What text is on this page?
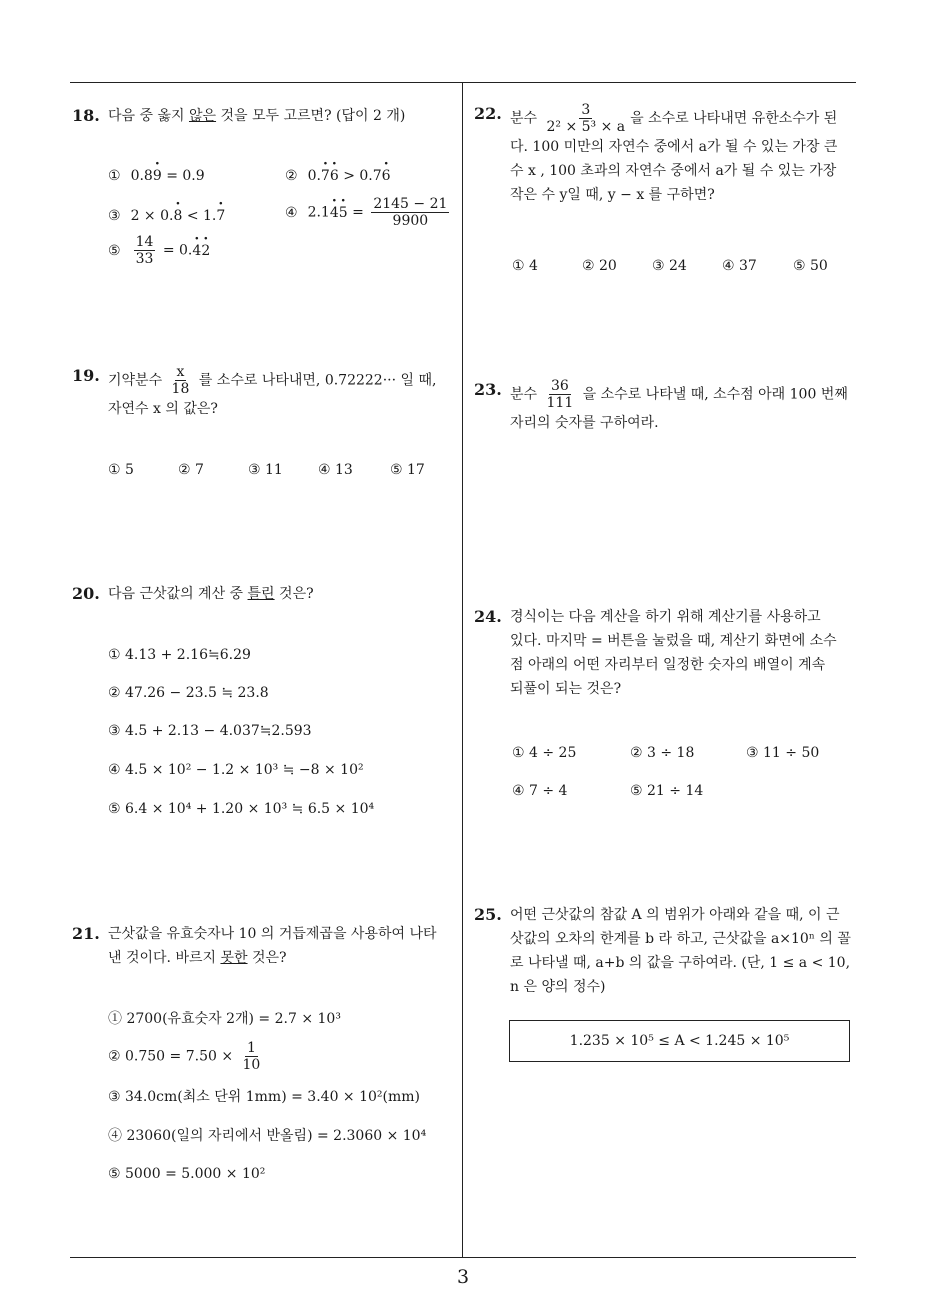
18. 다음 중 옳지 않은 것을 모두 고르면? (답이 2 개)
① 0.8· 9 = 0.9	② 0.· 7· 6 > 0.7· 6
③ 2 × 0.· 8 < 1.· 7	④ $2.1\cdot 4\cdot 5 = \frac{2145 - 21}{9900}$
⑤ $\frac{14}{33} = 0.\cdot 4\cdot 2$
19. 기약분수 $\frac{x}{18}$ 를 소수로 나타내면, 0.72222··· 일 때,
자연수 x 의 값은?
① 5	② 7	③ 11	④ 13	⑤ 17
20. 다음 근삿값의 계산 중 틀린 것은?
① 4.13 + 2.16≒6.29
② 47.26 − 23.5 ≒ 23.8
③ 4.5 + 2.13 − 4.037≒2.593
④ 4.5 × 10² − 1.2 × 10³ ≒ −8 × 10²
⑤ 6.4 × 10⁴ + 1.20 × 10³ ≒ 6.5 × 10⁴
21. 근삿값을 유효숫자나 10 의 거듭제곱을 사용하여 나타
낸 것이다. 바르지 못한 것은?
① 2700(유효숫자 2개) = 2.7 × 10³
② $0.750 = 7.50 \times \frac{1}{10}$
③ 34.0cm(최소 단위 1mm) = 3.40 × 10²(mm)
④ 23060(일의 자리에서 반올림) = 2.3060 × 10⁴
⑤ 5000 = 5.000 × 10²
22. 분수 $\frac{3}{\text{2² × 5³ × a}}$ 을 소수로 나타내면 유한소수가 된
다. 100 미만의 자연수 중에서 a가 될 수 있는 가장 큰
수 x , 100 초과의 자연수 중에서 a가 될 수 있는 가장
작은 수 y일 때, y − x 를 구하면?
① 4	② 20	③ 24	④ 37	⑤ 50
23. 분수 $\frac{36}{111}$ 을 소수로 나타낼 때, 소수점 아래 100 번째
자리의 숫자를 구하여라.
24. 경식이는 다음 계산을 하기 위해 계산기를 사용하고
있다. 마지막 = 버튼을 눌렀을 때, 계산기 화면에 소수
점 아래의 어떤 자리부터 일정한 숫자의 배열이 계속
되풀이 되는 것은?
① 4 ÷ 25	② 3 ÷ 18	③ 11 ÷ 50
④ 7 ÷ 4	⑤ 21 ÷ 14
25. 어떤 근삿값의 참값 A 의 범위가 아래와 같을 때, 이 근
삿값의 오차의 한계를 b 라 하고, 근삿값을 a×10ⁿ 의 꼴
로 나타낼 때, a+b 의 값을 구하여라. (단, 1 ≤ a < 10,
n 은 양의 정수)
1.235 × 10⁵ ≤ A < 1.245 × 10⁵
3
